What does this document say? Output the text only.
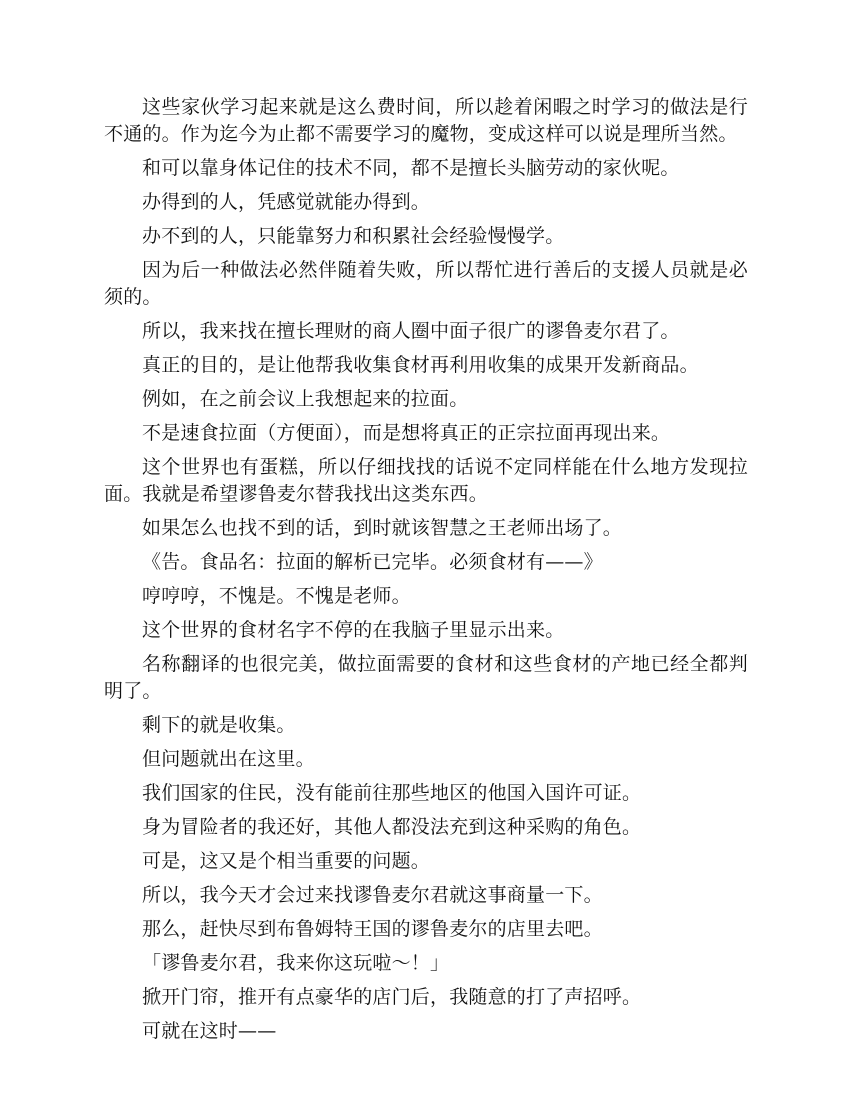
这些家伙学习起来就是这么费时间，所以趁着闲暇之时学习的做法是行不通的。作为迄今为止都不需要学习的魔物，变成这样可以说是理所当然。

和可以靠身体记住的技术不同，都不是擅长头脑劳动的家伙呢。

办得到的人，凭感觉就能办得到。

办不到的人，只能靠努力和积累社会经验慢慢学。

因为后一种做法必然伴随着失败，所以帮忙进行善后的支援人员就是必须的。

所以，我来找在擅长理财的商人圈中面子很广的谬鲁麦尔君了。

真正的目的，是让他帮我收集食材再利用收集的成果开发新商品。

例如，在之前会议上我想起来的拉面。

不是速食拉面（方便面），而是想将真正的正宗拉面再现出来。

这个世界也有蛋糕，所以仔细找找的话说不定同样能在什么地方发现拉面。我就是希望谬鲁麦尔替我找出这类东西。

如果怎么也找不到的话，到时就该智慧之王老师出场了。

《告。食品名：拉面的解析已完毕。必须食材有——》

哼哼哼，不愧是。不愧是老师。

这个世界的食材名字不停的在我脑子里显示出来。

名称翻译的也很完美，做拉面需要的食材和这些食材的产地已经全都判明了。

剩下的就是收集。

但问题就出在这里。

我们国家的住民，没有能前往那些地区的他国入国许可证。

身为冒险者的我还好，其他人都没法充到这种采购的角色。

可是，这又是个相当重要的问题。

所以，我今天才会过来找谬鲁麦尔君就这事商量一下。

那么，赶快尽到布鲁姆特王国的谬鲁麦尔的店里去吧。

「谬鲁麦尔君，我来你这玩啦～！」

掀开门帘，推开有点豪华的店门后，我随意的打了声招呼。

可就在这时——
